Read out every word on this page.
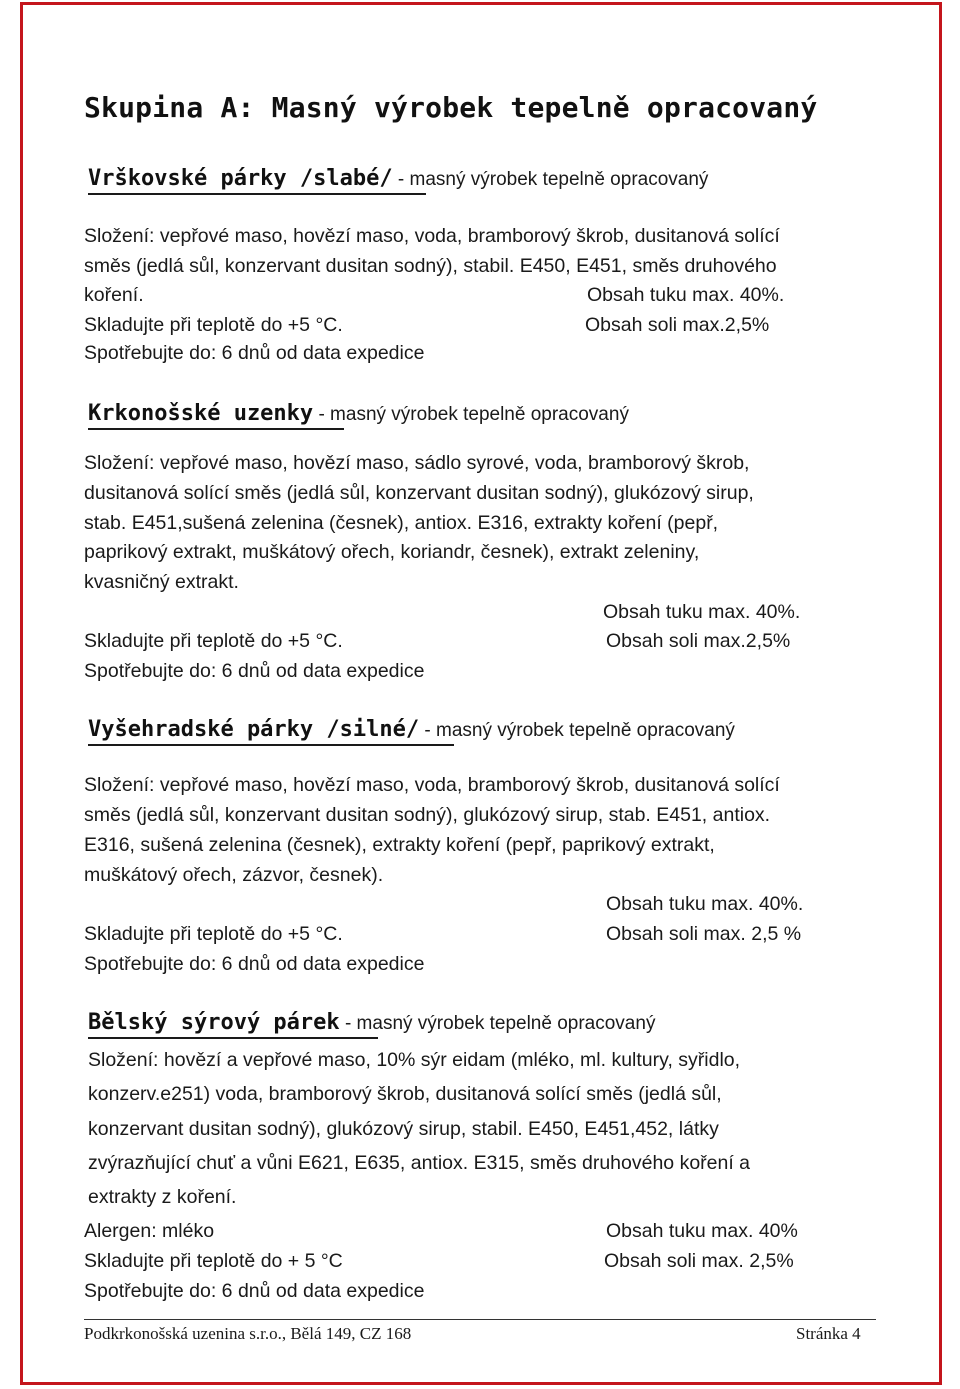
Skupina A: Masný výrobek tepelně opracovaný
Vrškovské párky /slabé/ - masný výrobek tepelně opracovaný
Složení: vepřové maso, hovězí maso, voda, bramborový škrob, dusitanová solící
směs (jedlá sůl, konzervant dusitan sodný), stabil. E450, E451, směs druhového
koření.	Obsah tuku max. 40%.
Skladujte při teplotě do +5 °C.	Obsah soli max.2,5%
Spotřebujte do: 6 dnů od data expedice
Krkonošské uzenky - masný výrobek tepelně opracovaný
Složení: vepřové maso, hovězí maso, sádlo syrové, voda, bramborový škrob,
dusitanová solící směs (jedlá sůl, konzervant dusitan sodný), glukózový sirup,
stab. E451,sušená zelenina (česnek), antiox. E316, extrakty koření (pepř,
paprikový extrakt, muškátový ořech, koriandr, česnek), extrakt zeleniny,
kvasničný extrakt.
Obsah tuku max. 40%.
Skladujte při teplotě do +5 °C.	Obsah soli max.2,5%
Spotřebujte do: 6 dnů od data expedice
Vyšehradské párky /silné/ - masný výrobek tepelně opracovaný
Složení: vepřové maso, hovězí maso, voda, bramborový škrob, dusitanová solící
směs (jedlá sůl, konzervant dusitan sodný), glukózový sirup, stab. E451, antiox.
E316, sušená zelenina (česnek), extrakty koření (pepř, paprikový extrakt,
muškátový ořech, zázvor, česnek).
Obsah tuku max. 40%.
Skladujte při teplotě do +5 °C.	Obsah soli max. 2,5 %
Spotřebujte do: 6 dnů od data expedice
Bělský sýrový párek - masný výrobek tepelně opracovaný
Složení: hovězí a vepřové maso, 10% sýr eidam (mléko, ml. kultury, syřidlo,
konzerv.e251) voda, bramborový škrob, dusitanová solící směs (jedlá sůl,
konzervant dusitan sodný), glukózový sirup, stabil. E450, E451,452, látky
zvýrazňující chuť a vůni E621, E635, antiox. E315, směs druhového koření a
extrakty z koření.
Alergen: mléko	Obsah tuku max. 40%
Skladujte při teplotě do + 5 °C	Obsah soli max. 2,5%
Spotřebujte do: 6 dnů od data expedice
Podkrkonošská uzenina s.r.o., Bělá 149, CZ 168	Stránka 4
